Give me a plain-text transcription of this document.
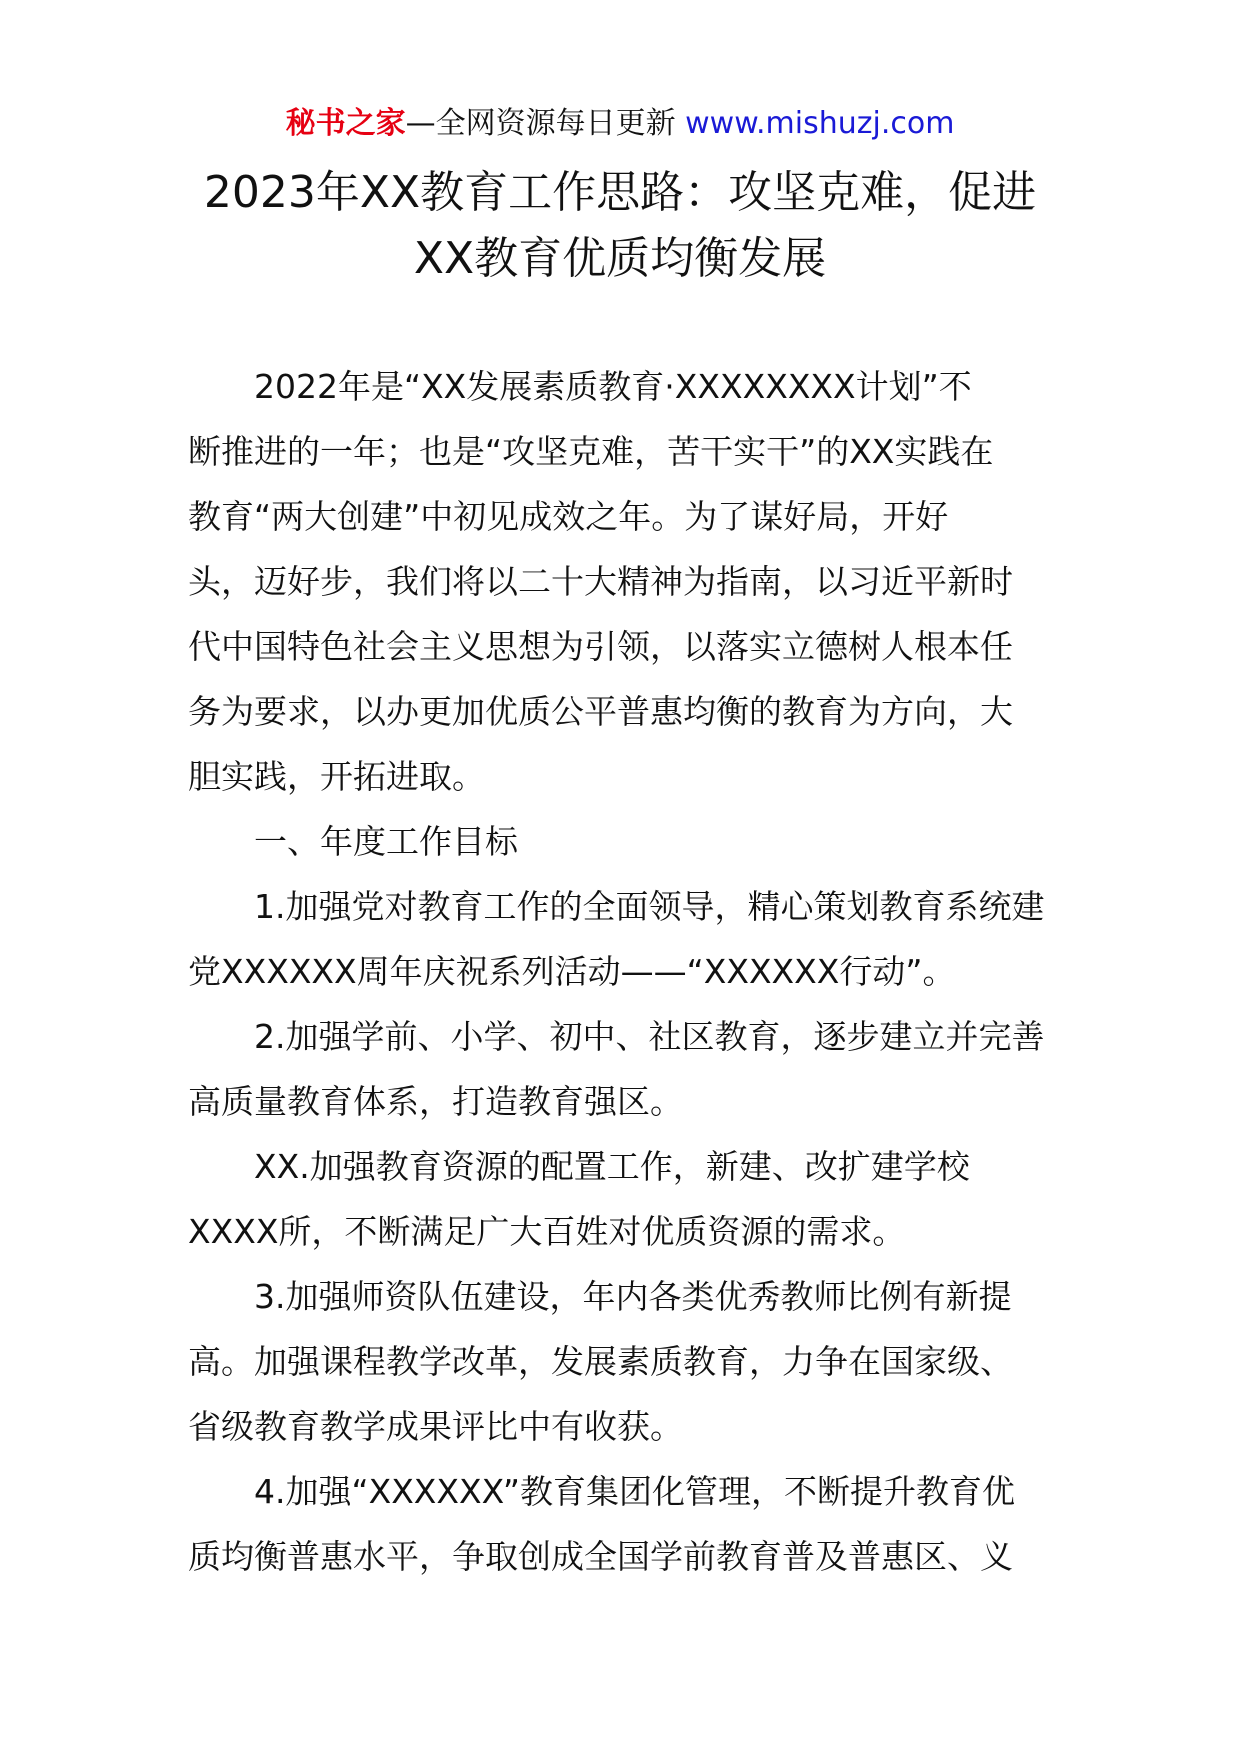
秘书之家—全网资源每日更新 www.mishuzj.com
2023年XX教育工作思路：攻坚克难，促进
XX教育优质均衡发展
2022年是“XX发展素质教育·XXXXXXXX计划”不
断推进的一年；也是“攻坚克难，苦干实干”的XX实践在
教育“两大创建”中初见成效之年。为了谋好局，开好
头，迈好步，我们将以二十大精神为指南，以习近平新时
代中国特色社会主义思想为引领，以落实立德树人根本任
务为要求，以办更加优质公平普惠均衡的教育为方向，大
胆实践，开拓进取。
一、年度工作目标
1.加强党对教育工作的全面领导，精心策划教育系统建
党XXXXXX周年庆祝系列活动——“XXXXXX行动”。
2.加强学前、小学、初中、社区教育，逐步建立并完善
高质量教育体系，打造教育强区。
XX.加强教育资源的配置工作，新建、改扩建学校
XXXX所，不断满足广大百姓对优质资源的需求。
3.加强师资队伍建设，年内各类优秀教师比例有新提
高。加强课程教学改革，发展素质教育，力争在国家级、
省级教育教学成果评比中有收获。
4.加强“XXXXXX”教育集团化管理，不断提升教育优
质均衡普惠水平，争取创成全国学前教育普及普惠区、义
